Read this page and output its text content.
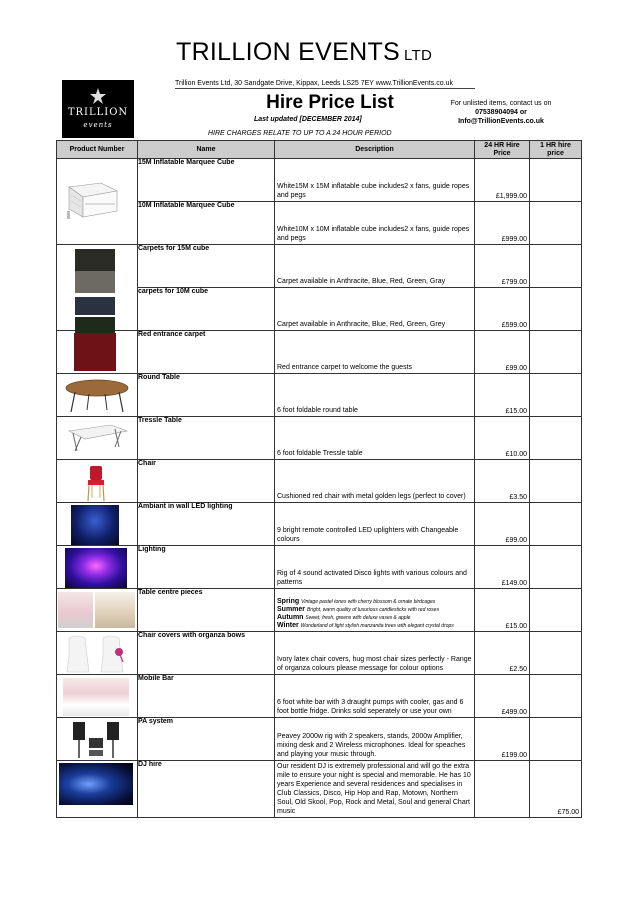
TRILLION
events
TRILLION EVENTS LTD
Trillion Events Ltd, 30 Sandgate Drive, Kippax, Leeds LS25 7EY www.TrillionEvents.co.uk
Hire Price List
Last updated [DECEMBER 2014]
For unlisted items, contact us on
07538904094 or
Info@TrillionEvents.co.uk
HIRE CHARGES RELATE TO UP TO A 24 HOUR PERIOD
Product Number	Name	Description	24 HR Hire Price	1 HR hire price

	15M Inflatable Marquee Cube	White15M x 15M inflatable cube includes2 x fans, guide ropes and pegs	£1,999.00	
	10M Inflatable Marquee Cube	White10M x 10M inflatable cube includes2 x fans, guide ropes and pegs	£999.00	

	Carpets for 15M cube	Carpet available in Anthracite, Blue, Red, Green, Gray	£799.00	
	carpets for 10M cube	Carpet available in Anthracite, Blue, Red, Green, Grey	£599.00	

	Red entrance carpet	Red entrance carpet to welcome the guests	£99.00	

	Round Table	6 foot foldable round table	£15.00	

	Tressle Table	6 foot foldable Tressle table	£10.00	

	Chair	Cushioned red chair with metal golden legs (perfect to cover)	£3.50	

	Ambiant in wall LED lighting	9 bright remote controlled LED uplighters with Changeable colours	£99.00	

	Lighting	Rig of 4 sound activated Disco lights with various colours and patterns	£149.00	

	Table centre pieces	Spring Vintage pastel tones with cherry blossom & ornate birdcages
Summer Bright, warm quality of luxurious candlesticks with red roses
Autumn Sweet, fresh, greens with deluxe vases & apple
Winter Wonderland of light stylish manzanita trees with elegant crystal drops	£15.00	

	Chair covers with organza bows	Ivory latex chair covers, hug most chair sizes perfectly - Range of organza colours please message for colour options	£2.50	

	Mobile Bar	6 foot white bar with 3 draught pumps with cooler, gas and 6 foot bottle fridge. Drinks sold seperately or use your own	£499.00	

	PA system	Peavey 2000w rig with 2 speakers, stands, 2000w Amplifier, mixing desk and 2 Wireless microphones. Ideal for speaches and playing your music through.	£199.00	

	DJ hire	Our resident DJ is extremely professional and will go the extra mile to ensure your night is special and memorable. He has 10 years Experience and several residences and specialises in Club Classics, Disco, Hip Hop and Rap, Motown, Northern Soul, Old Skool, Pop, Rock and Metal, Soul and general Chart music		£75.00
